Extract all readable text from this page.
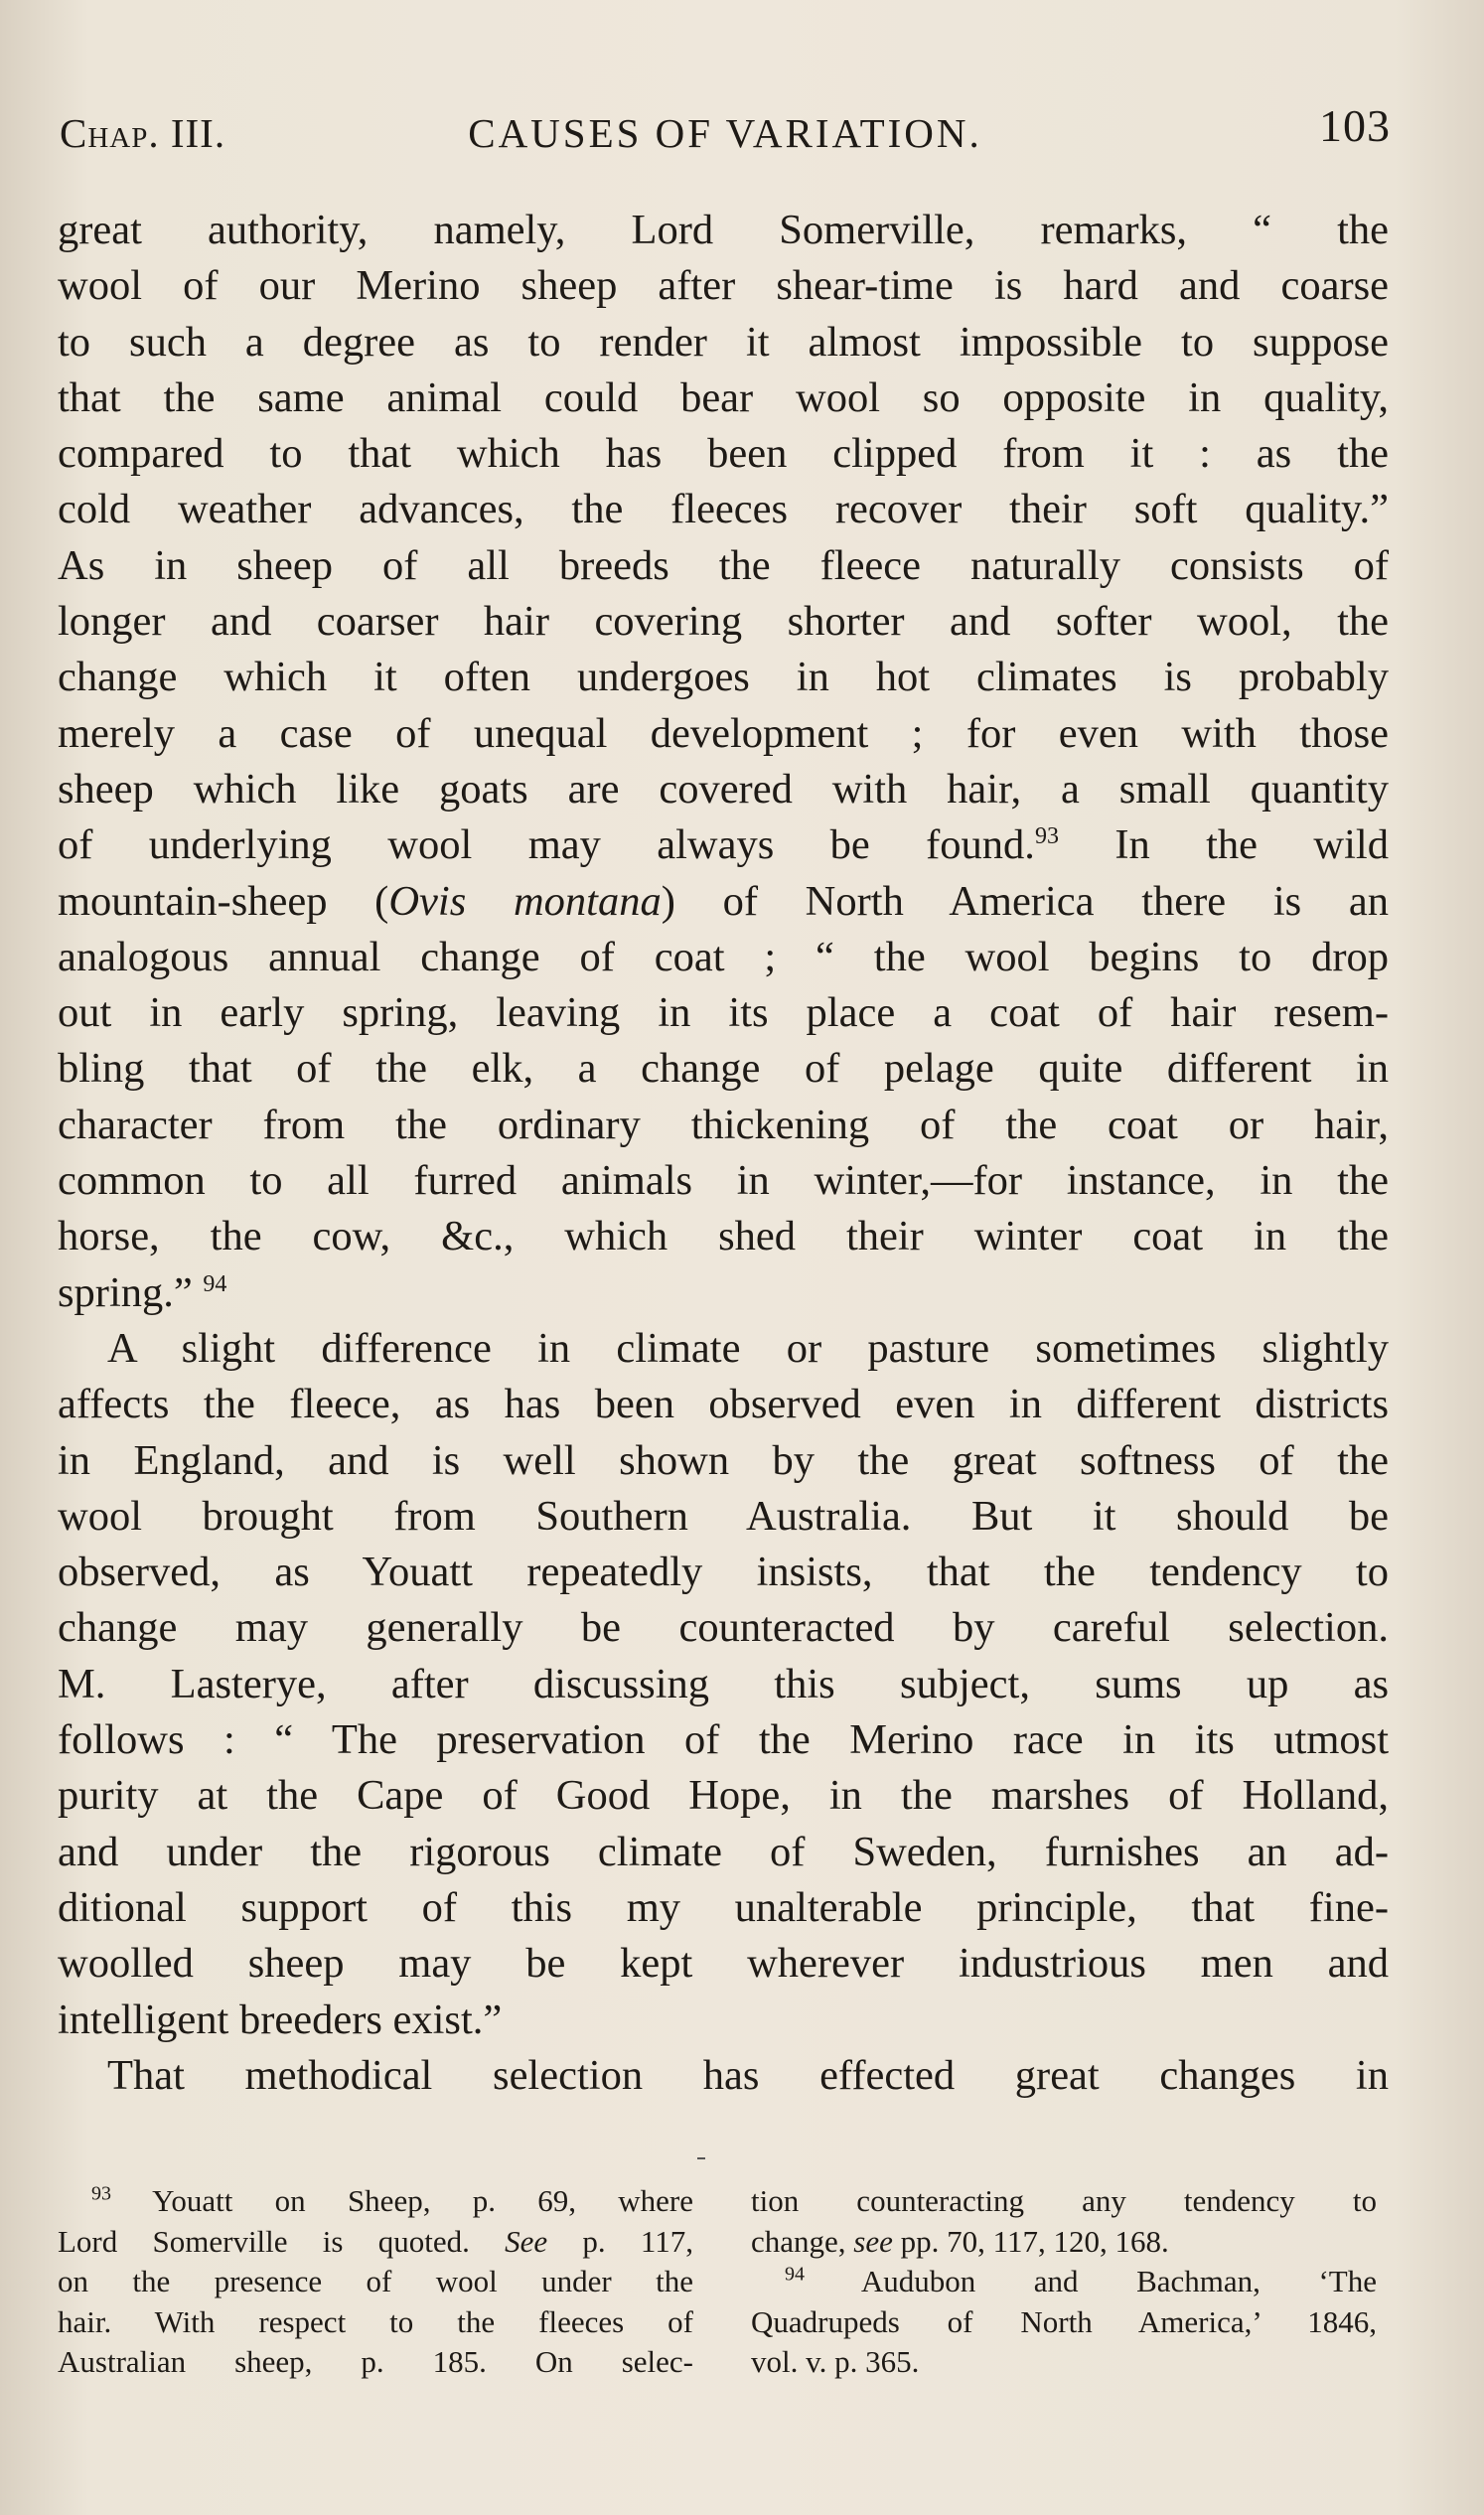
Chap. III.	CAUSES OF VARIATION.	103
great authority, namely, Lord Somerville, remarks, “ the
wool of our Merino sheep after shear-time is hard and coarse
to such a degree as to render it almost impossible to suppose
that the same animal could bear wool so opposite in quality,
compared to that which has been clipped from it : as the
cold weather advances, the fleeces recover their soft quality.”
As in sheep of all breeds the fleece naturally consists of
longer and coarser hair covering shorter and softer wool, the
change which it often undergoes in hot climates is probably
merely a case of unequal development ; for even with those
sheep which like goats are covered with hair, a small quantity
of underlying wool may always be found.$^{93}$ In the wild
mountain-sheep (Ovis montana) of North America there is an
analogous annual change of coat ; “ the wool begins to drop
out in early spring, leaving in its place a coat of hair resem-
bling that of the elk, a change of pelage quite different in
character from the ordinary thickening of the coat or hair,
common to all furred animals in winter,—for instance, in the
horse, the cow, &c., which shed their winter coat in the
spring.” $^{94}$
A slight difference in climate or pasture sometimes slightly
affects the fleece, as has been observed even in different districts
in England, and is well shown by the great softness of the
wool brought from Southern Australia. But it should be
observed, as Youatt repeatedly insists, that the tendency to
change may generally be counteracted by careful selection.
M. Lasterye, after discussing this subject, sums up as
follows : “ The preservation of the Merino race in its utmost
purity at the Cape of Good Hope, in the marshes of Holland,
and under the rigorous climate of Sweden, furnishes an ad-
ditional support of this my unalterable principle, that fine-
woolled sheep may be kept wherever industrious men and
intelligent breeders exist.”
That methodical selection has effected great changes in
$^{93}$ Youatt on Sheep, p. 69, where
Lord Somerville is quoted. See p. 117,
on the presence of wool under the
hair. With respect to the fleeces of
Australian sheep, p. 185. On selec-
tion counteracting any tendency to
change, see pp. 70, 117, 120, 168.
$^{94}$ Audubon and Bachman, ‘The
Quadrupeds of North America,’ 1846,
vol. v. p. 365.
